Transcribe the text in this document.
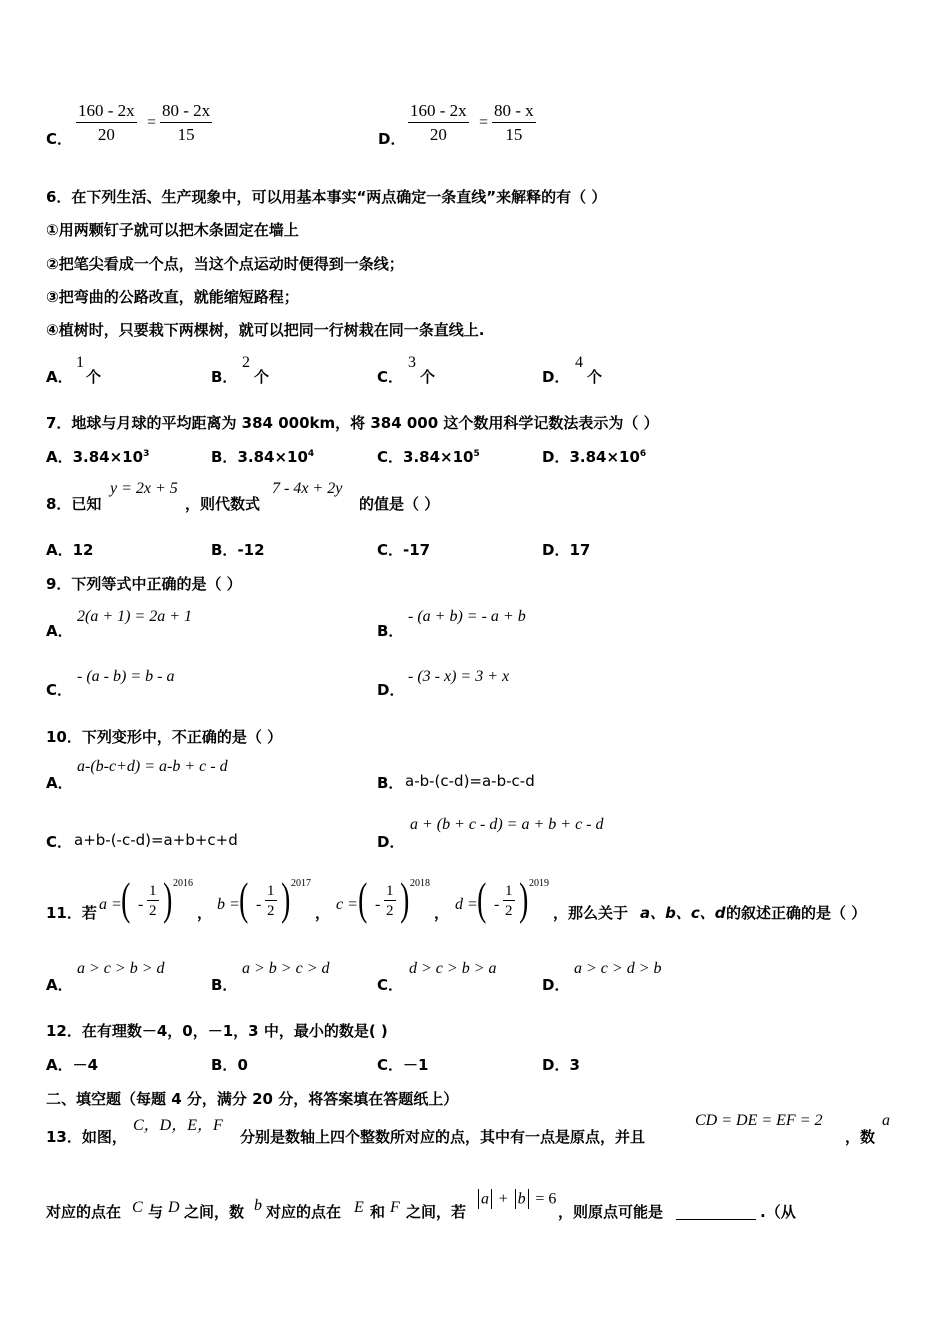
C． $\frac{160 - 2x}{20} = \frac{80 - 2x}{15}$	D． $\frac{160 - 2x}{20} = \frac{80 - x}{15}$
6．在下列生活、生产现象中，可以用基本事实“两点确定一条直线”来解释的有（ ）
①用两颗钉子就可以把木条固定在墙上
②把笔尖看成一个点，当这个点运动时便得到一条线；
③把弯曲的公路改直，就能缩短路程；
④植树时，只要栽下两棵树，就可以把同一行树栽在同一条直线上.
A．
1
个	B．
2
个	C．
3
个	D．
4
个
7．地球与月球的平均距离为 384 000km，将 384 000 这个数用科学记数法表示为（ ）
A．$3.84\times 10^3$	B．$3.84\times 10^4$	C．$3.84\times 10^5$	D．$3.84\times 10^6$
8．已知
y = 2x + 5
，则代数式
7 - 4x + 2y
的值是（ ）
A．12	B．-12	C．-17	D．17
9．下列等式中正确的是（ ）
A．
2(a + 1) = 2a + 1
B．
- (a + b) = - a + b
C．
- (a - b) = b - a
D．
- (3 - x) = 3 + x
10．下列变形中，不正确的是（ ）
A．
a-(b-c+d) = a-b + c - d
B． a-b-(c-d)=a-b-c-d
C． a+b-(-c-d)=a+b+c+d	D．
a + (b + c - d) = a + b + c - d
11．若 a = ( - $\frac{1}{2}$ ) 2016
， b = ( - $\frac{1}{2}$ ) 2017
， c = ( - $\frac{1}{2}$ ) 2018
， d = ( - $\frac{1}{2}$ ) 2019
，那么关于 a、b、c、d 的叙述正确的是（ ）
A．
a > c > b > d
B．
a > b > c > d
C．
d > c > b > a
D．
a > c > d > b
12．在有理数－4，0，－1，3 中，最小的数是( )
A．－4	B．0	C．－1	D．3
二、填空题（每题 4 分，满分 20 分，将答案填在答题纸上）
13．如图，
C，D，E，F
分别是数轴上四个整数所对应的点，其中有一点是原点，并且
CD = DE = EF = 2
，数
a
对应的点在 C 与 D 之间，数 b 对应的点在 E 和 F 之间，若
a + b = 6
，则原点可能是	.（从
